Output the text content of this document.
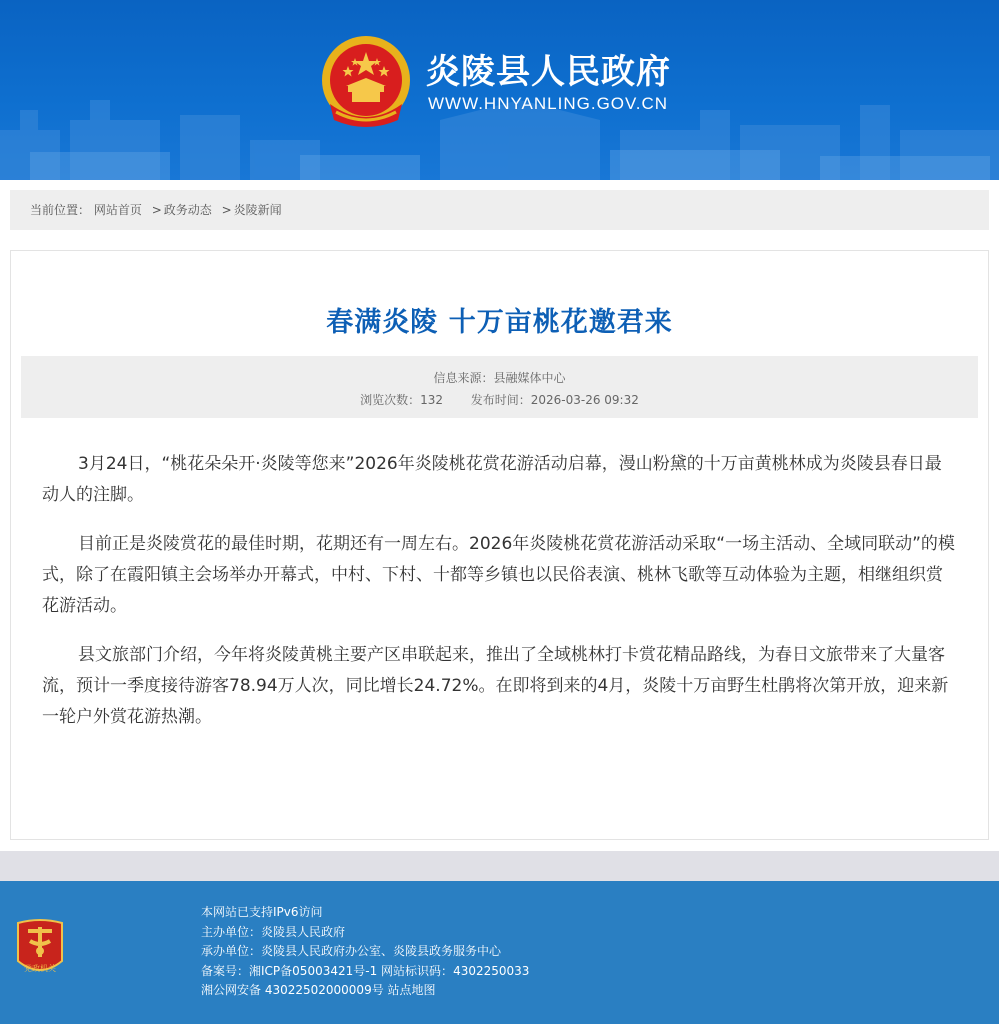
炎陵县人民政府
WWW.HNYANLING.GOV.CN
当前位置： 网站首页 > 政务动态 > 炎陵新闻
春满炎陵 十万亩桃花邀君来
信息来源：县融媒体中心
浏览次数：132 发布时间：2026-03-26 09:32

3月24日，“桃花朵朵开·炎陵等您来”2026年炎陵桃花赏花游活动启幕，漫山粉黛的十万亩黄桃林成为炎陵县春日最动人的注脚。

目前正是炎陵赏花的最佳时期，花期还有一周左右。2026年炎陵桃花赏花游活动采取“一场主活动、全域同联动”的模式，除了在霞阳镇主会场举办开幕式，中村、下村、十都等乡镇也以民俗表演、桃林飞歌等互动体验为主题，相继组织赏花游活动。

县文旅部门介绍，今年将炎陵黄桃主要产区串联起来，推出了全域桃林打卡赏花精品路线，为春日文旅带来了大量客流，预计一季度接待游客78.94万人次，同比增长24.72%。在即将到来的4月，炎陵十万亩野生杜鹃将次第开放，迎来新一轮户外赏花游热潮。

党政机关
本网站已支持IPv6访问
主办单位：炎陵县人民政府
承办单位：炎陵县人民政府办公室、炎陵县政务服务中心
备案号：湘ICP备05003421号-1 网站标识码：4302250033
湘公网安备 43022502000009号 站点地图
